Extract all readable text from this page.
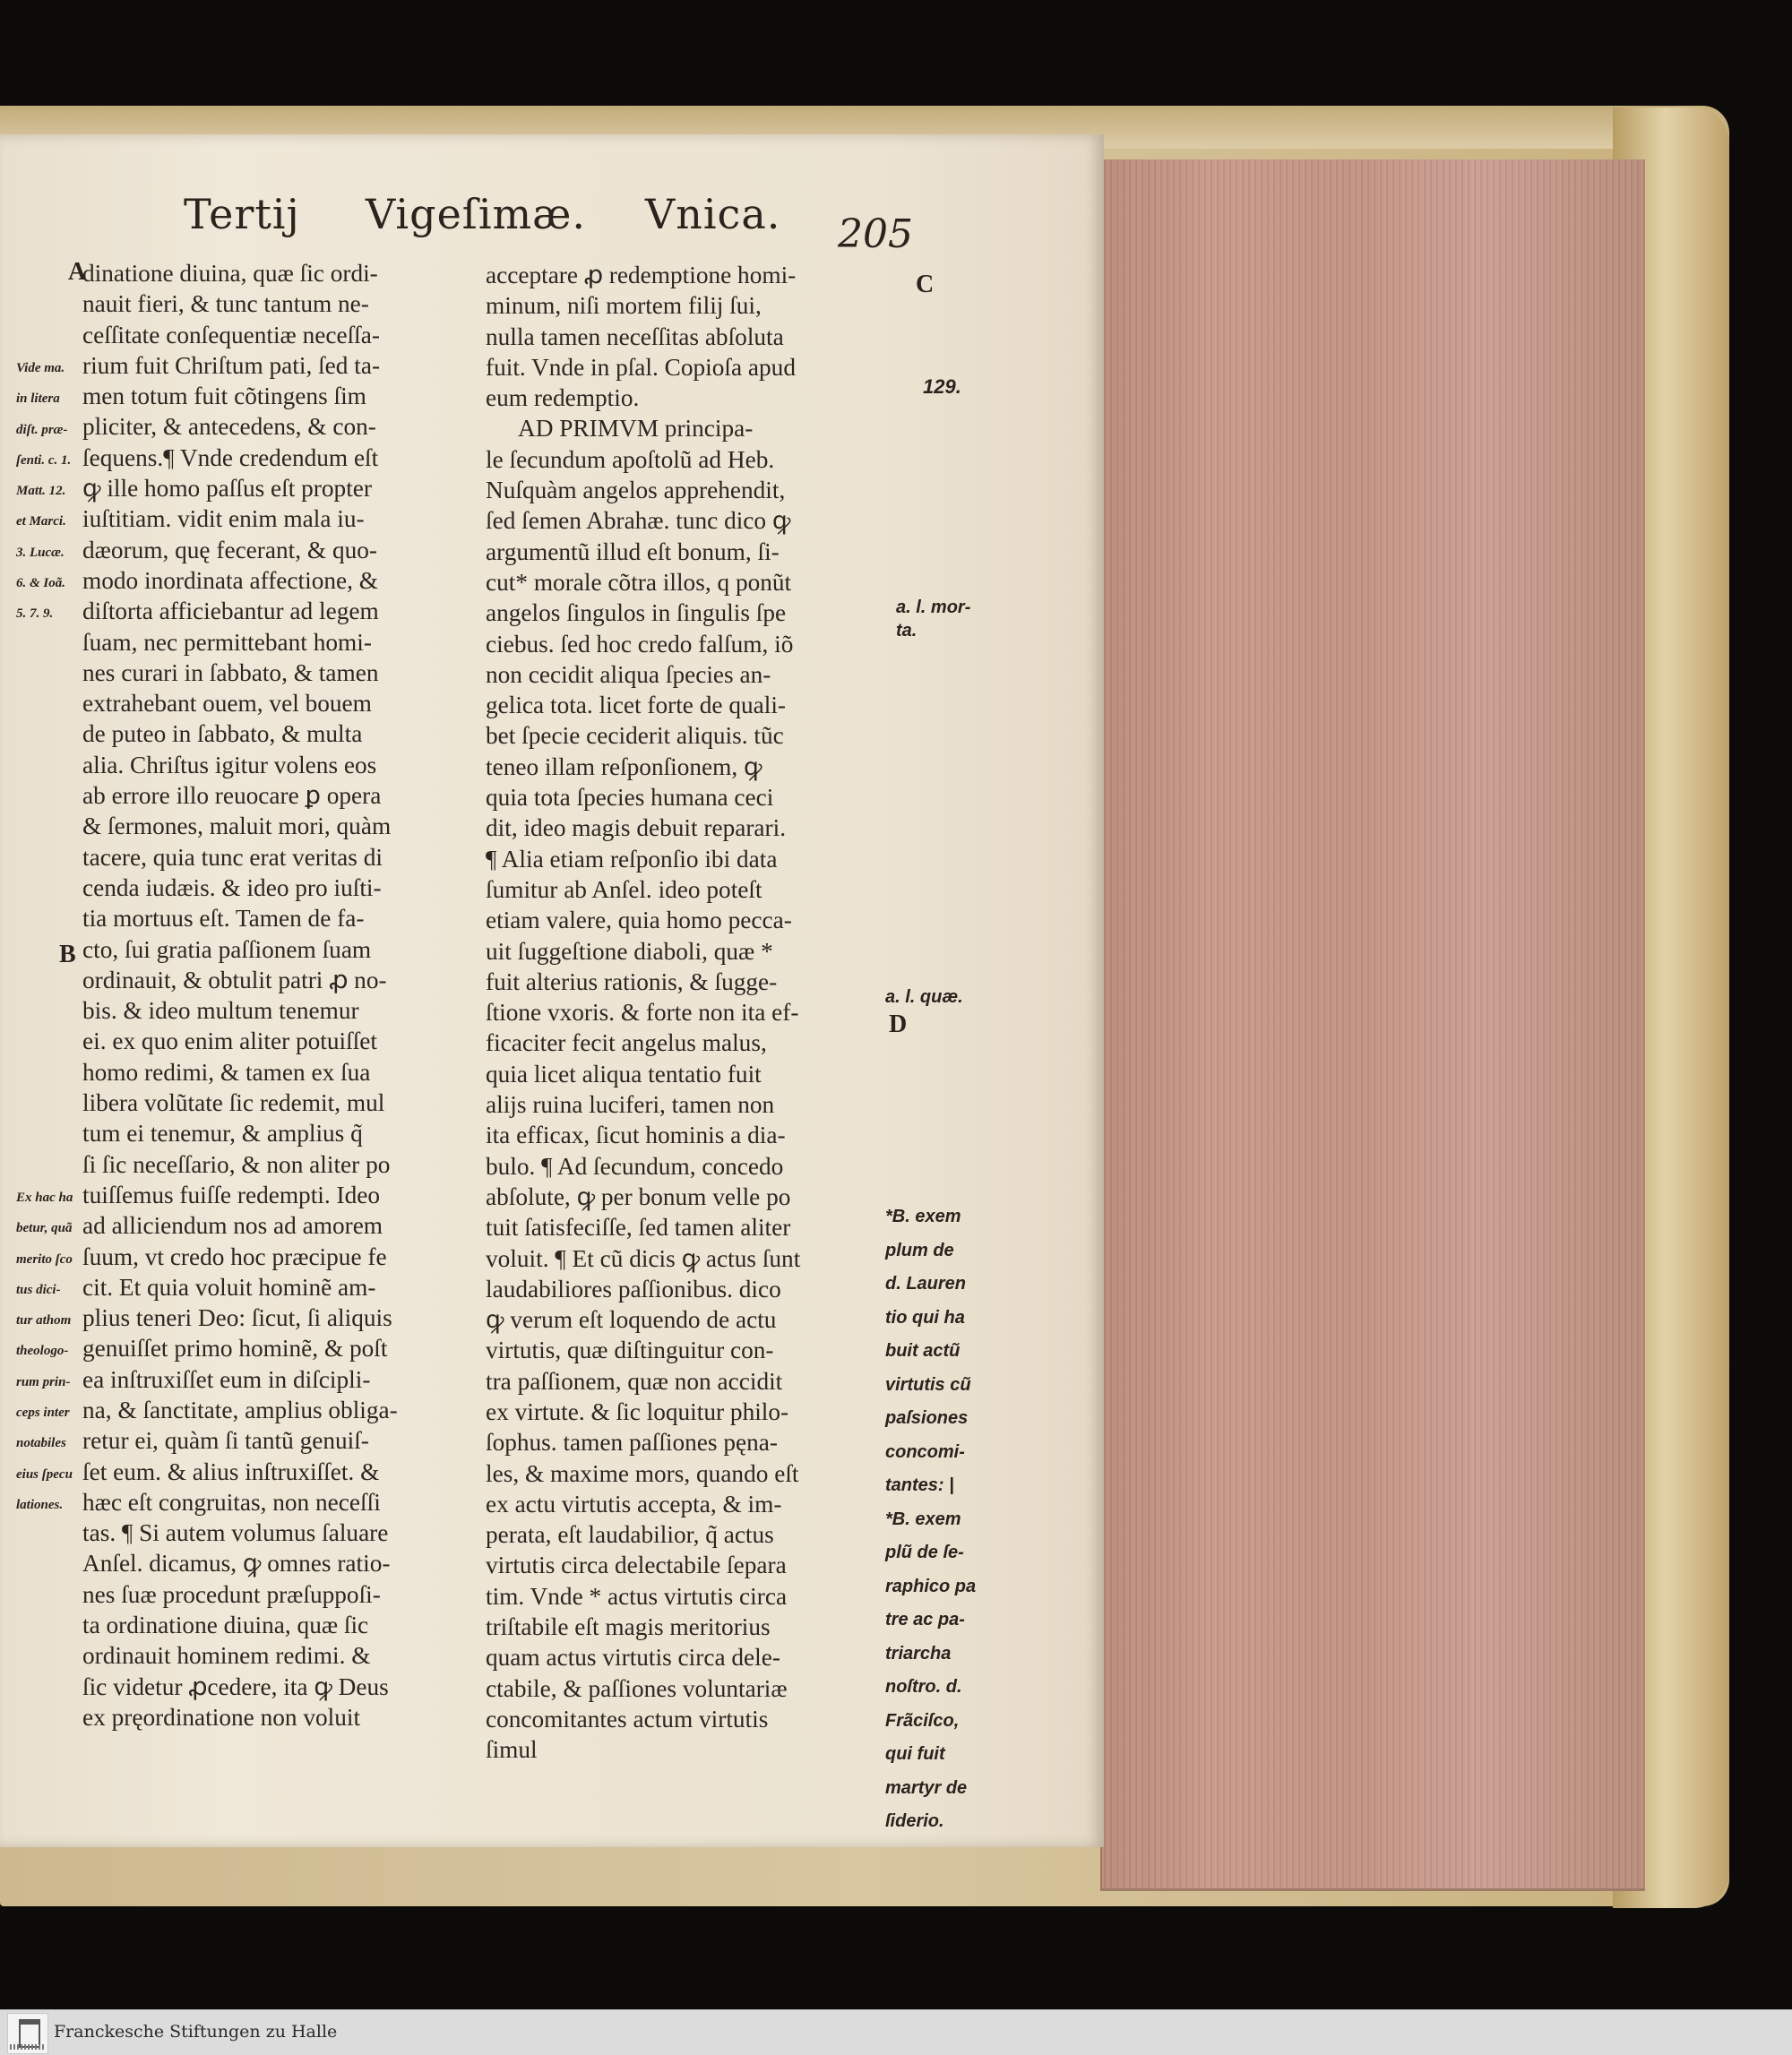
Tertij Vigeſimæ. Vnica. 205
A
B
C
D
dinatione diuina, quæ ſic ordi-
nauit fieri, & tunc tantum ne-
ceſſitate conſequentiæ neceſſa-
rium fuit Chriſtum pati, ſed ta-
men totum fuit cõtingens ſim
pliciter, & antecedens, & con-
ſequens.¶ Vnde credendum eſt
ꝙ ille homo paſſus eſt propter
iuſtitiam. vidit enim mala iu-
dæorum, quę fecerant, & quo-
modo inordinata affectione, &
diſtorta afficiebantur ad legem
ſuam, nec permittebant homi-
nes curari in ſabbato, & tamen
extrahebant ouem, vel bouem
de puteo in ſabbato, & multa
alia. Chriſtus igitur volens eos
ab errore illo reuocare ꝑ opera
& ſermones, maluit mori, quàm
tacere, quia tunc erat veritas di
cenda iudæis. & ideo pro iuſti-
tia mortuus eſt. Tamen de fa-
cto, ſui gratia paſſionem ſuam
ordinauit, & obtulit patri ꝓ no-
bis. & ideo multum tenemur
ei. ex quo enim aliter potuiſſet
homo redimi, & tamen ex ſua
libera volũtate ſic redemit, mul
tum ei tenemur, & amplius q̃
ſi ſic neceſſario, & non aliter po
tuiſſemus fuiſſe redempti. Ideo
ad alliciendum nos ad amorem
ſuum, vt credo hoc præcipue fe
cit. Et quia voluit hominẽ am-
plius teneri Deo: ſicut, ſi aliquis
genuiſſet primo hominẽ, & poſt
ea inſtruxiſſet eum in diſcipli-
na, & ſanctitate, amplius obliga-
retur ei, quàm ſi tantũ genuiſ-
ſet eum. & alius inſtruxiſſet. &
hæc eſt congruitas, non neceſſi
tas. ¶ Si autem volumus ſaluare
Anſel. dicamus, ꝙ omnes ratio-
nes ſuæ procedunt præſuppoſi-
ta ordinatione diuina, quæ ſic
ordinauit hominem redimi. &
ſic videtur ꝓcedere, ita ꝙ Deus
ex pręordinatione non voluit
acceptare ꝓ redemptione homi-
minum, niſi mortem filij ſui,
nulla tamen neceſſitas abſoluta
fuit. Vnde in pſal. Copioſa apud
eum redemptio.
AD PRIMVM principa-
le ſecundum apoſtolũ ad Heb.
Nuſquàm angelos apprehendit,
ſed ſemen Abrahæ. tunc dico ꝙ
argumentũ illud eſt bonum, ſi-
cut* morale cõtra illos, q ponũt
angelos ſingulos in ſingulis ſpe
ciebus. ſed hoc credo falſum, iõ
non cecidit aliqua ſpecies an-
gelica tota. licet forte de quali-
bet ſpecie ceciderit aliquis. tũc
teneo illam reſponſionem, ꝙ
quia tota ſpecies humana ceci
dit, ideo magis debuit reparari.
¶ Alia etiam reſponſio ibi data
ſumitur ab Anſel. ideo poteſt
etiam valere, quia homo pecca-
uit ſuggeſtione diaboli, quæ *
fuit alterius rationis, & ſugge-
ſtione vxoris. & forte non ita ef-
ficaciter fecit angelus malus,
quia licet aliqua tentatio fuit
alijs ruina luciferi, tamen non
ita efficax, ſicut hominis a dia-
bulo. ¶ Ad ſecundum, concedo
abſolute, ꝙ per bonum velle po
tuit ſatisfeciſſe, ſed tamen aliter
voluit. ¶ Et cũ dicis ꝙ actus ſunt
laudabiliores paſſionibus. dico
ꝙ verum eſt loquendo de actu
virtutis, quæ diſtinguitur con-
tra paſſionem, quæ non accidit
ex virtute. & ſic loquitur philo-
ſophus. tamen paſſiones pęna-
les, & maxime mors, quando eſt
ex actu virtutis accepta, & im-
perata, eſt laudabilior, q̃ actus
virtutis circa delectabile ſepara
tim. Vnde * actus virtutis circa
triſtabile eſt magis meritorius
quam actus virtutis circa dele-
ctabile, & paſſiones voluntariæ
concomitantes actum virtutis
ſimul
Vide ma.
in litera
diſt. præ-
ſenti. c. 1.
Matt. 12.
et Marci.
3. Lucæ.
6. & Ioã.
5. 7. 9.
Ex hac ha
betur, quã
merito ſco
tus dici-
tur athom
theologo-
rum prin-
ceps inter
notabiles
eius ſpecu
lationes.
129.
a. l. mor-
ta.
a. l. quæ.
*B. exem
plum de
d. Lauren
tio qui ha
buit actũ
virtutis cũ
paſsiones
concomi-
tantes: |
*B. exem
plũ de ſe-
raphico pa
tre ac pa-
triarcha
noſtro. d.
Frãciſco,
qui fuit
martyr de
ſiderio.
Franckesche Stiftungen zu Halle
